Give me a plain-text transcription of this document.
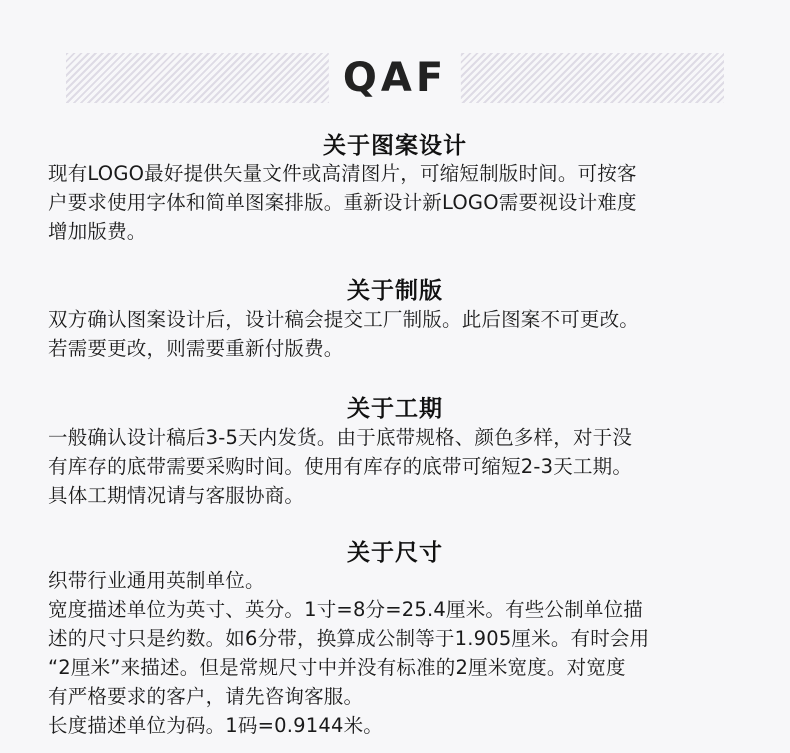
QAF
关于图案设计
现有LOGO最好提供矢量文件或高清图片，可缩短制版时间。可按客
户要求使用字体和简单图案排版。重新设计新LOGO需要视设计难度
增加版费。
关于制版
双方确认图案设计后，设计稿会提交工厂制版。此后图案不可更改。
若需要更改，则需要重新付版费。
关于工期
一般确认设计稿后3-5天内发货。由于底带规格、颜色多样，对于没
有库存的底带需要采购时间。使用有库存的底带可缩短2-3天工期。
具体工期情况请与客服协商。
关于尺寸
织带行业通用英制单位。
宽度描述单位为英寸、英分。1寸=8分=25.4厘米。有些公制单位描
述的尺寸只是约数。如6分带，换算成公制等于1.905厘米。有时会用
“2厘米”来描述。但是常规尺寸中并没有标准的2厘米宽度。对宽度
有严格要求的客户，请先咨询客服。
长度描述单位为码。1码=0.9144米。
